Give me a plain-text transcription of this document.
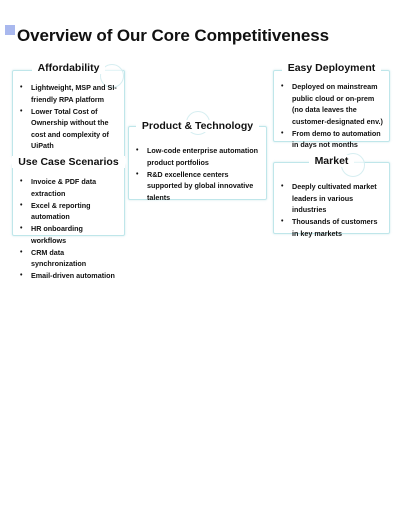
Overview of Our Core Competitiveness
Affordability
• Lightweight, MSP and SI-friendly RPA platform
• Lower Total Cost of Ownership without the cost and complexity of UiPath
Use Case Scenarios
• Invoice & PDF data extraction
• Excel & reporting automation
• HR onboarding workflows
• CRM data synchronization
• Email-driven automation
Product & Technology
• Low-code enterprise automation product portfolios
• R&D excellence centers supported by global innovative talents
Easy Deployment
• Deployed on mainstream public cloud or on-prem (no data leaves the customer-designated env.)
• From demo to automation in days not months
Market
• Deeply cultivated market leaders in various industries
• Thousands of customers in key markets
